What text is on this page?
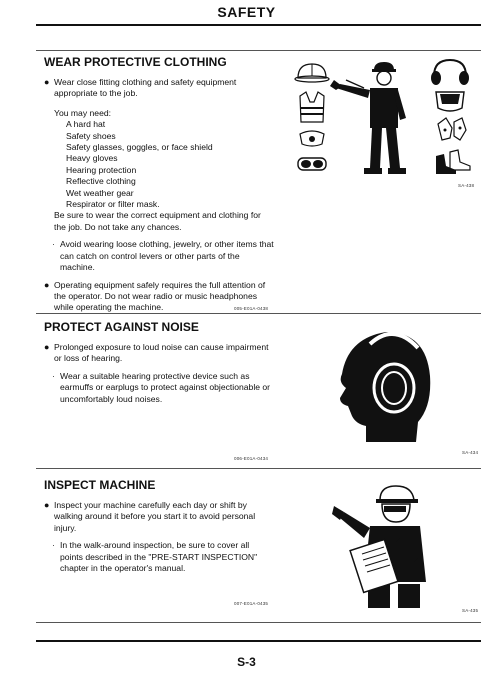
SAFETY
WEAR PROTECTIVE CLOTHING
● Wear close fitting clothing and safety equipment appropriate to the job.
You may need:
A hard hat
Safety shoes
Safety glasses, goggles, or face shield
Heavy gloves
Hearing protection
Reflective clothing
Wet weather gear
Respirator or filter mask.
Be sure to wear the correct equipment and clothing for the job. Do not take any chances.
· Avoid wearing loose clothing, jewelry, or other items that can catch on control levers or other parts of the machine.
● Operating equipment safely requires the full attention of the operator. Do not wear radio or music headphones while operating the machine.	005-E01A-0438
SA-438
PROTECT AGAINST NOISE
● Prolonged exposure to loud noise can cause impairment or loss of hearing.
· Wear a suitable hearing protective device such as earmuffs or earplugs to protect against objectionable or uncomfortably loud noises.
006-E01A-0434
SA-434
INSPECT MACHINE
● Inspect your machine carefully each day or shift by walking around it before you start it to avoid personal injury.
· In the walk-around inspection, be sure to cover all points described in the "PRE-START INSPECTION" chapter in the operator's manual.
007-E01A-0435
SA-435
S-3
